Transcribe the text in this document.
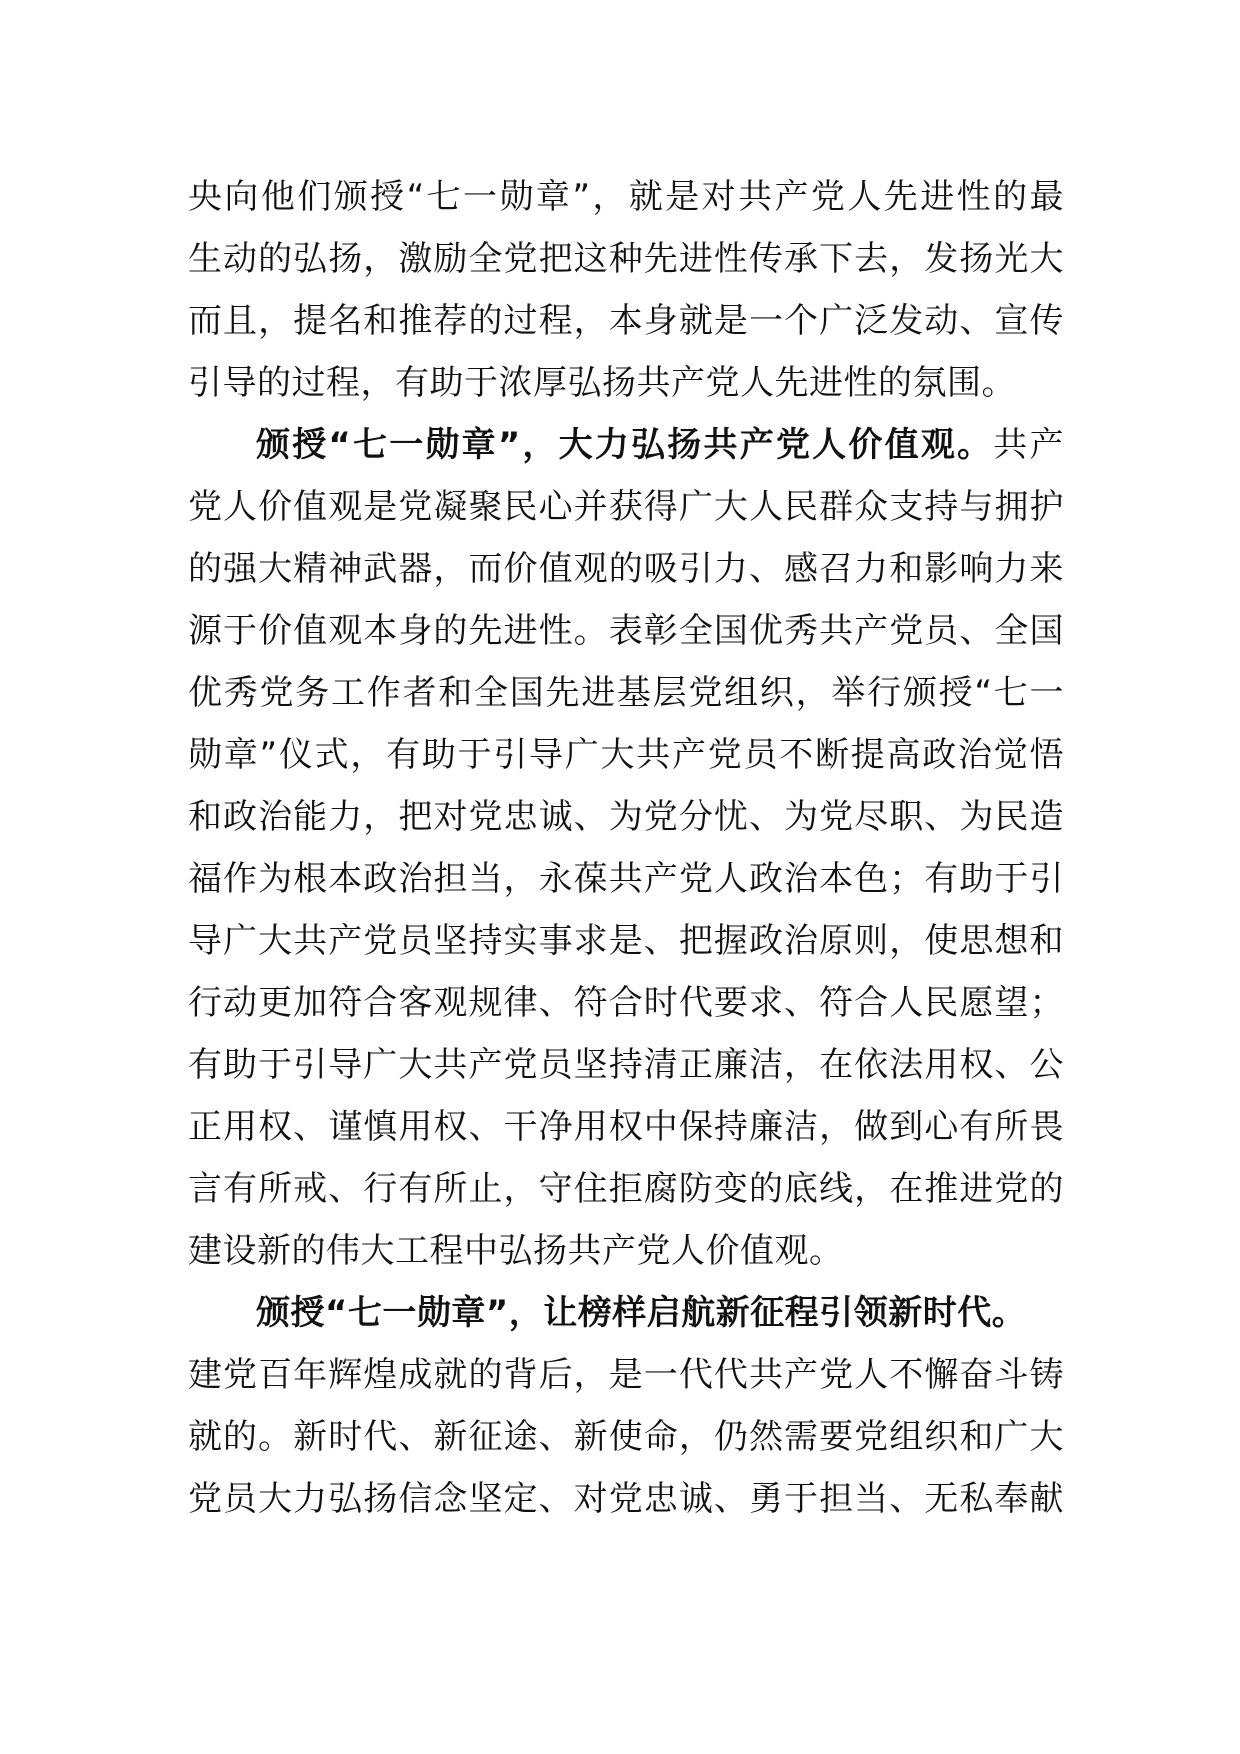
央向他们颁授“七一勋章”，就是对共产党人先进性的最
生动的弘扬，激励全党把这种先进性传承下去，发扬光大
而且，提名和推荐的过程，本身就是一个广泛发动、宣传
引导的过程，有助于浓厚弘扬共产党人先进性的氛围。
颁授“七一勋章”，大力弘扬共产党人价值观。共产
党人价值观是党凝聚民心并获得广大人民群众支持与拥护
的强大精神武器，而价值观的吸引力、感召力和影响力来
源于价值观本身的先进性。表彰全国优秀共产党员、全国
优秀党务工作者和全国先进基层党组织，举行颁授“七一
勋章”仪式，有助于引导广大共产党员不断提高政治觉悟
和政治能力，把对党忠诚、为党分忧、为党尽职、为民造
福作为根本政治担当，永葆共产党人政治本色；有助于引
导广大共产党员坚持实事求是、把握政治原则，使思想和
行动更加符合客观规律、符合时代要求、符合人民愿望；
有助于引导广大共产党员坚持清正廉洁，在依法用权、公
正用权、谨慎用权、干净用权中保持廉洁，做到心有所畏
言有所戒、行有所止，守住拒腐防变的底线，在推进党的
建设新的伟大工程中弘扬共产党人价值观。
颁授“七一勋章”，让榜样启航新征程引领新时代。
建党百年辉煌成就的背后，是一代代共产党人不懈奋斗铸
就的。新时代、新征途、新使命，仍然需要党组织和广大
党员大力弘扬信念坚定、对党忠诚、勇于担当、无私奉献
